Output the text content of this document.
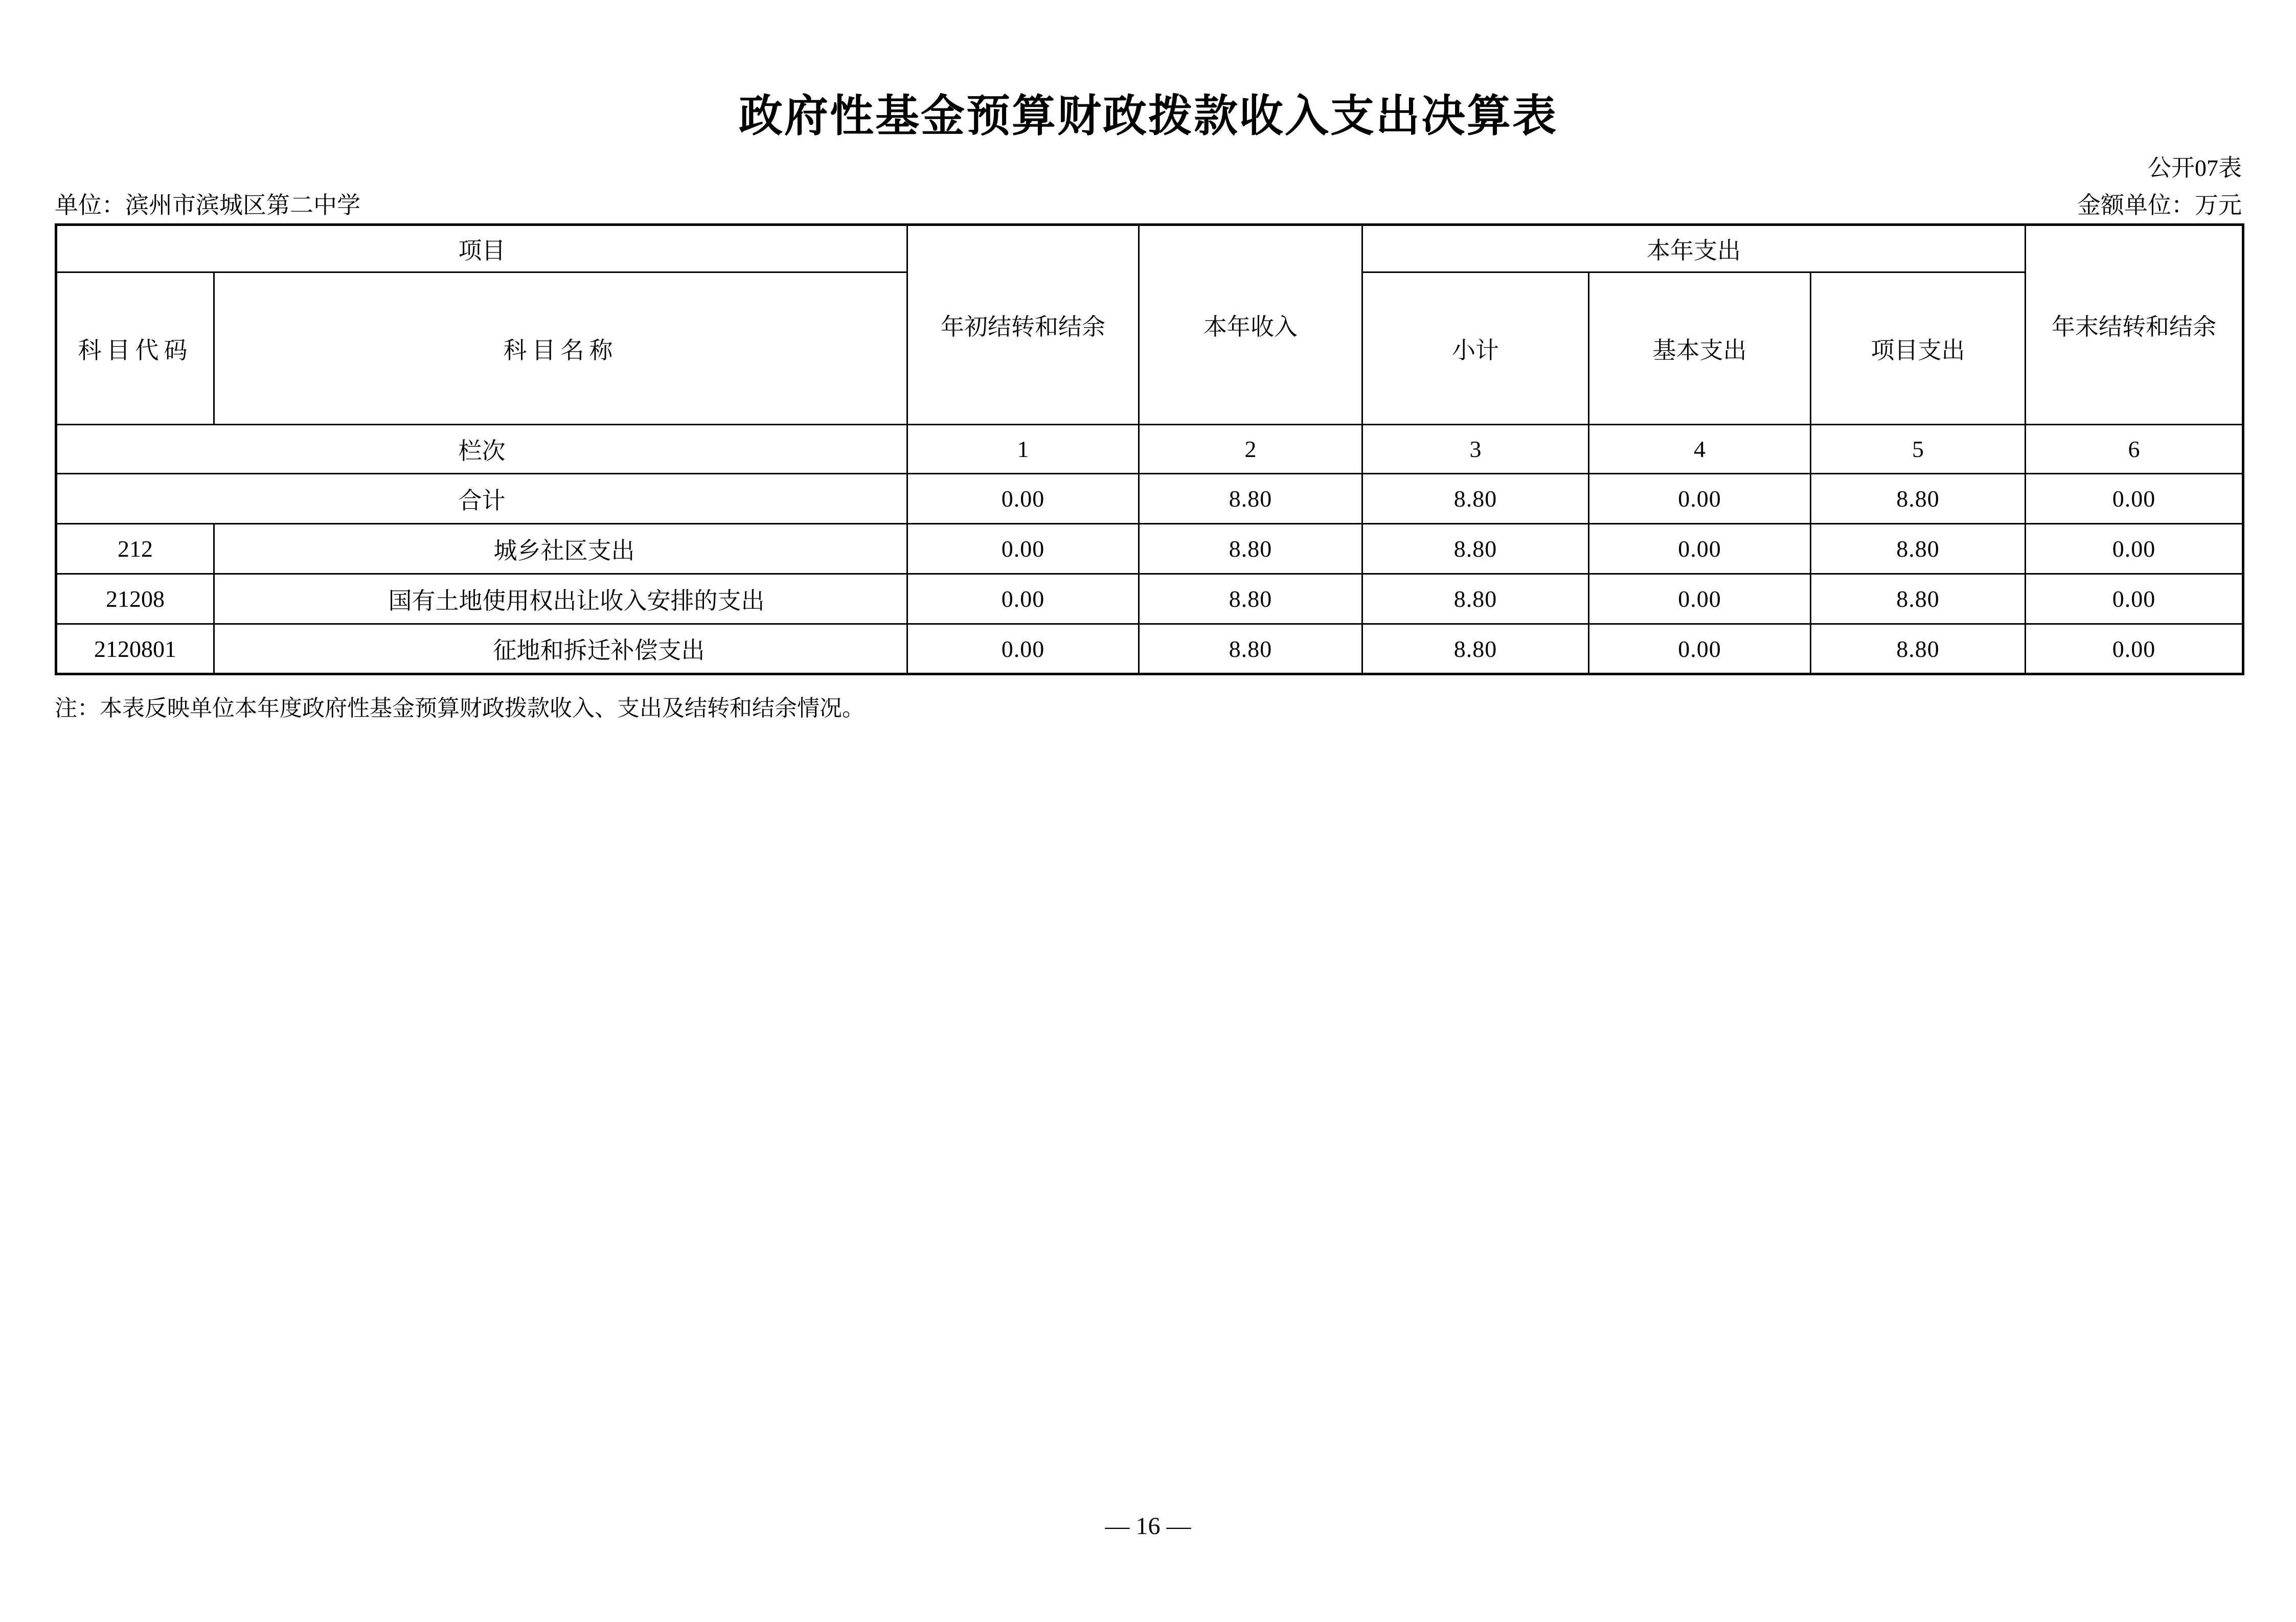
政府性基金预算财政拨款收入支出决算表
公开07表
单位：滨州市滨城区第二中学	金额单位：万元
项目		年初结转和结余	本年收入	本年支出			年末结转和结余
科目代码	科目名称			小计	基本支出	项目支出	
栏次		1	2	3	4	5	6
合计		0.00	8.80	8.80	0.00	8.80	0.00
212	城乡社区支出	0.00	8.80	8.80	0.00	8.80	0.00
21208	国有土地使用权出让收入安排的支出	0.00	8.80	8.80	0.00	8.80	0.00
2120801	征地和拆迁补偿支出	0.00	8.80	8.80	0.00	8.80	0.00
注：本表反映单位本年度政府性基金预算财政拨款收入、支出及结转和结余情况。
— 16 —
